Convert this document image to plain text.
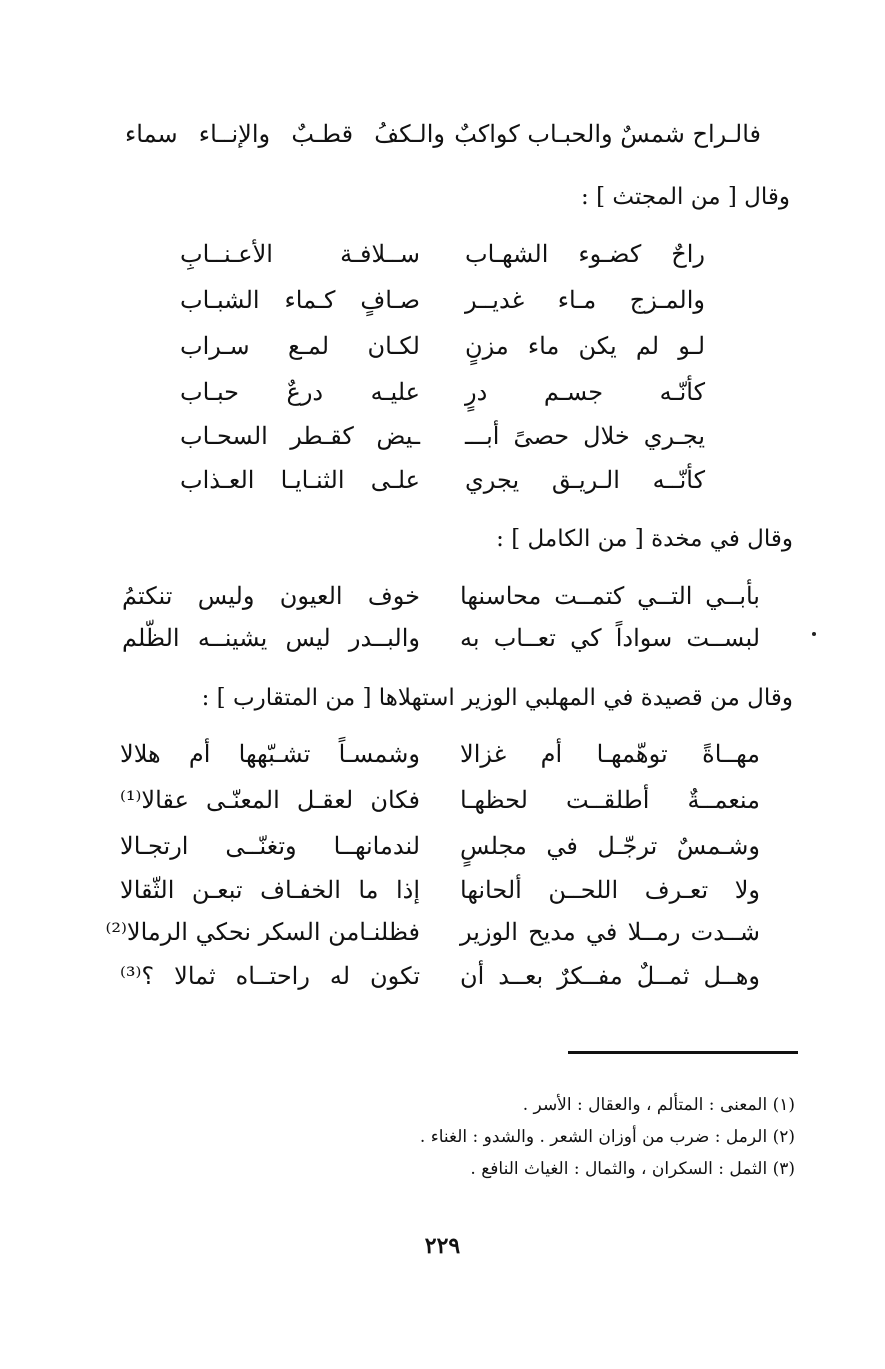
فالـراح شمسٌ والحبـاب كواكبٌ
والـكفُ قطـبٌ والإنــاء سماء
وقال [ من المجتث ] :
راحٌ كضـوء الشهـاب
ســلافـة الأعـنــابِ
والمـزج مـاء غديــر
صـافٍ كـماء الشبـاب
لـو لم يكن ماء مزنٍ
لكـان لمـع سـراب
كأنّـه جسـم درٍ
عليـه درعٌ حبـاب
يجـري خلال حصىً أبـــ
ـيض كقـطر السحـاب
كأنّــه الـريـق يجري
علـى الثنـايـا العـذاب
وقال في مخدة [ من الكامل ] :
بأبــي التــي كتمــت محاسنها
خوف العيون وليس تنكتمُ
لبســت سواداً كي تعــاب به
والبــدر ليس يشينــه الظّلم
وقال من قصيدة في المهلبي الوزير استهلاها [ من المتقارب ] :
مهــاةً توهّمهـا أم غزالا
وشمسـاً تشـبّهها أم هلالا
منعمــةٌ أطلقــت لحظهـا
فكان لعقـل المعنّـى عقالا⁽¹⁾
وشـمسٌ ترجّـل في مجلسٍ
لندمانهــا وتغنّــى ارتجـالا
ولا تعـرف اللحــن ألحانها
إذا ما الخفـاف تبعـن الثّقالا
شــدت رمــلا في مديح الوزير
فظلنـامن السكر نحكي الرمالا⁽²⁾
وهــل ثمــلٌ مفــكرٌ بعــد أن
تكون له راحتــاه ثمالا ؟⁽³⁾
(١) المعنى : المتألم ، والعقال : الأسر .
(٢) الرمل : ضرب من أوزان الشعر . والشدو : الغناء .
(٣) الثمل : السكران ، والثمال : الغياث النافع .
٢٢٩
